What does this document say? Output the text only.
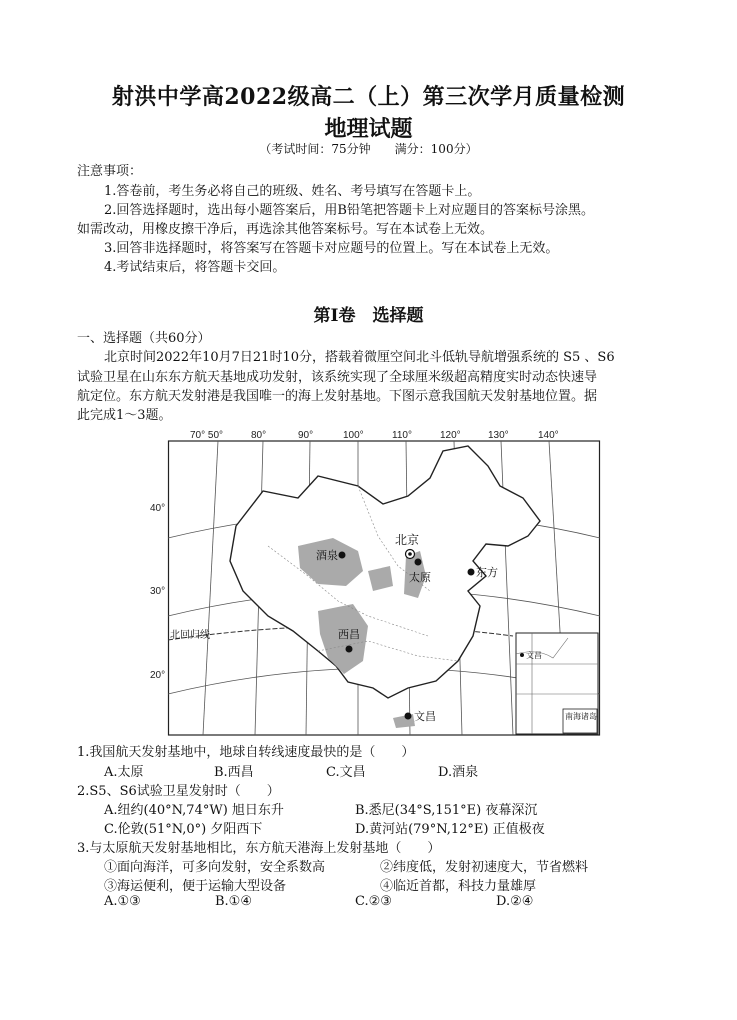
射洪中学高2022级高二（上）第三次学月质量检测
地理试题
（考试时间：75分钟　　满分：100分）
注意事项：
1.答卷前，考生务必将自己的班级、姓名、考号填写在答题卡上。
2.回答选择题时，选出每小题答案后，用B铅笔把答题卡上对应题目的答案标号涂黑。
如需改动，用橡皮擦干净后，再选涂其他答案标号。写在本试卷上无效。
3.回答非选择题时，将答案写在答题卡对应题号的位置上。写在本试卷上无效。
4.考试结束后，将答题卡交回。
第I卷　选择题
一、选择题（共60分）
北京时间2022年10月7日21时10分，搭载着微厘空间北斗低轨导航增强系统的 S5 、S6
试验卫星在山东东方航天基地成功发射，该系统实现了全球厘米级超高精度实时动态快速导
航定位。东方航天发射港是我国唯一的海上发射基地。下图示意我国航天发射基地位置。据
此完成1～3题。
70° 50°	80°	90°	100°	110°	120°	130°	140°
40°
30°
20°
北回归线
酒泉
北京
太原	东方
西昌
文昌
文昌
南海诸岛
1.我国航天发射基地中，地球自转线速度最快的是（　　）
A.太原	B.西昌	C.文昌	D.酒泉
2.S5、S6试验卫星发射时（　　）
A.纽约(40°N,74°W) 旭日东升	B.悉尼(34°S,151°E) 夜幕深沉
C.伦敦(51°N,0°) 夕阳西下	D.黄河站(79°N,12°E) 正值极夜
3.与太原航天发射基地相比，东方航天港海上发射基地（　　）
①面向海洋，可多向发射，安全系数高	②纬度低，发射初速度大，节省燃料
③海运便利，便于运输大型设备	④临近首都，科技力量雄厚
A.①③	B.①④	C.②③	D.②④
